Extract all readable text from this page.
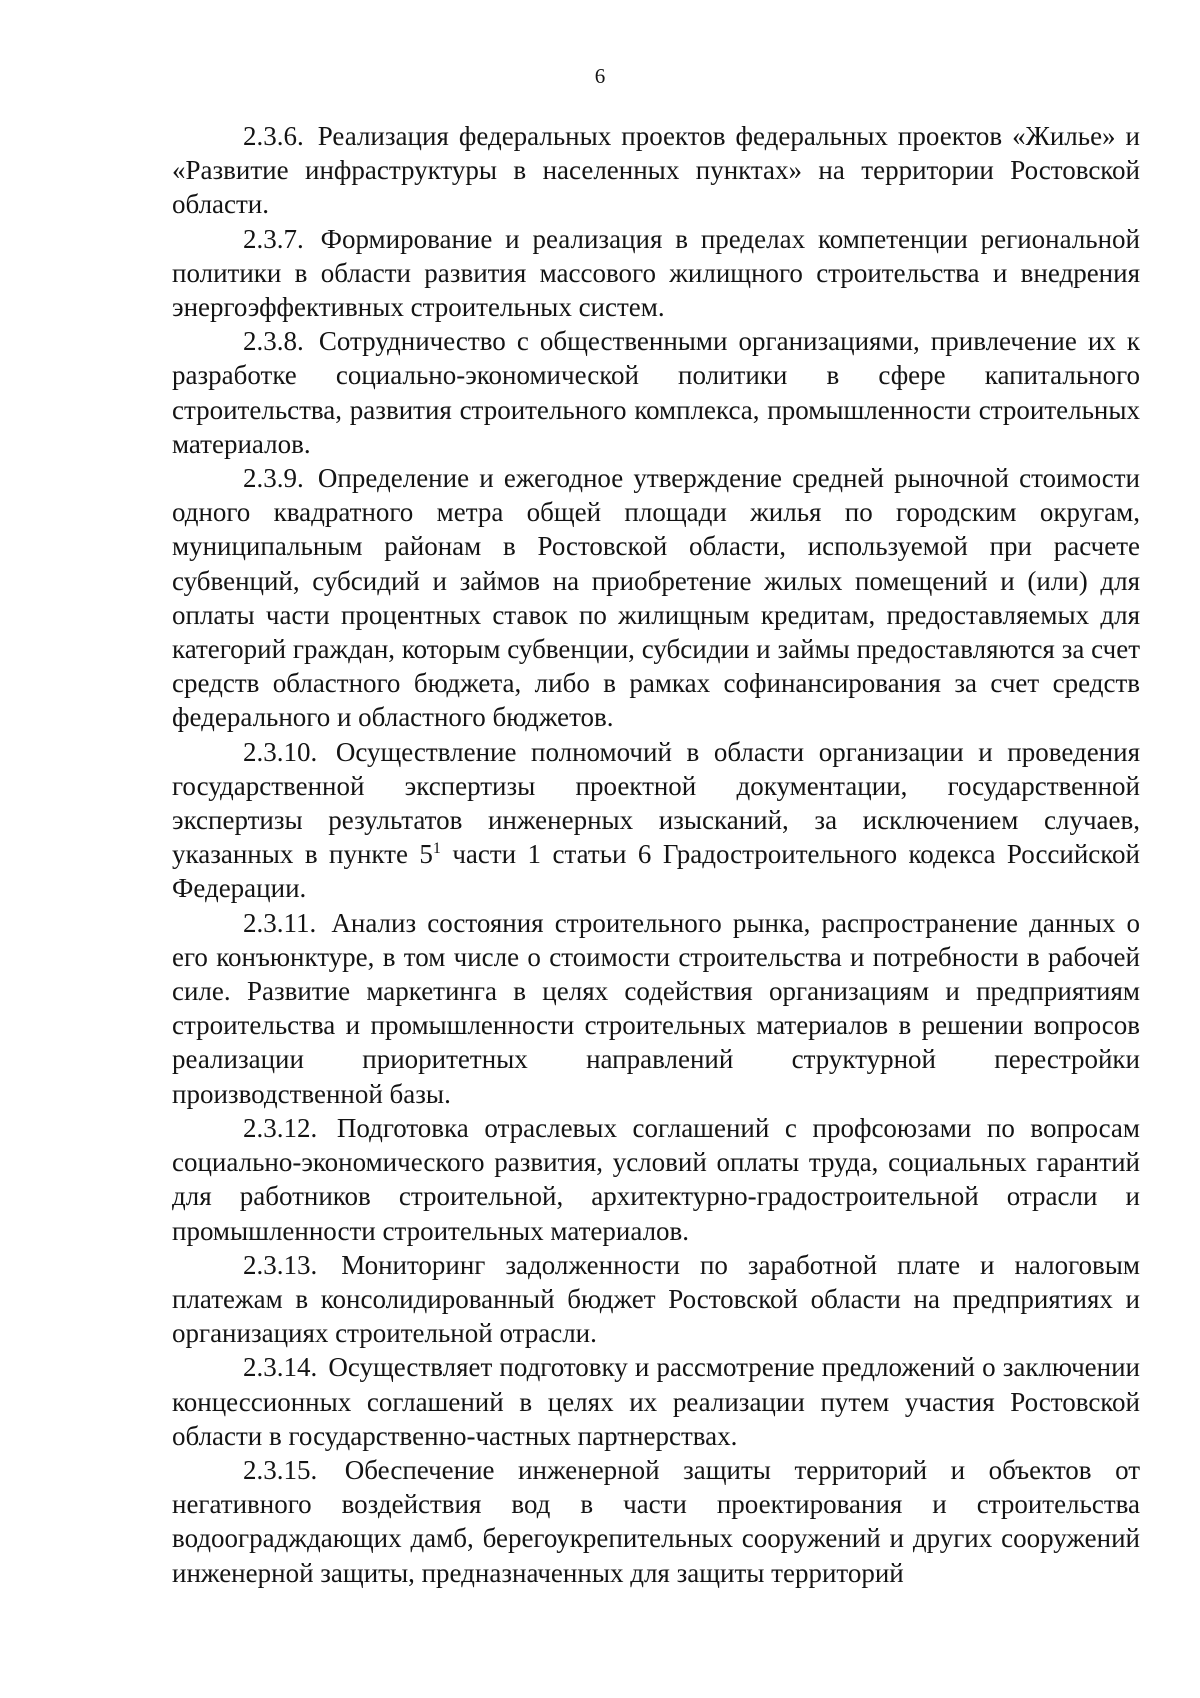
6

2.3.6. Реализация федеральных проектов федеральных проектов «Жилье» и «Развитие инфраструктуры в населенных пунктах» на территории Ростовской области.

2.3.7. Формирование и реализация в пределах компетенции региональной политики в области развития массового жилищного строительства и внедрения энергоэффективных строительных систем.

2.3.8. Сотрудничество с общественными организациями, привлечение их к разработке социально-экономической политики в сфере капитального строительства, развития строительного комплекса, промышленности строительных материалов.

2.3.9. Определение и ежегодное утверждение средней рыночной стоимости одного квадратного метра общей площади жилья по городским округам, муниципальным районам в Ростовской области, используемой при расчете субвенций, субсидий и займов на приобретение жилых помещений и (или) для оплаты части процентных ставок по жилищным кредитам, предоставляемых для категорий граждан, которым субвенции, субсидии и займы предоставляются за счет средств областного бюджета, либо в рамках софинансирования за счет средств федерального и областного бюджетов.

2.3.10. Осуществление полномочий в области организации и проведения государственной экспертизы проектной документации, государственной экспертизы результатов инженерных изысканий, за исключением случаев, указанных в пункте $5^1$ части 1 статьи 6 Градостроительного кодекса Российской Федерации.

2.3.11. Анализ состояния строительного рынка, распространение данных о его конъюнктуре, в том числе о стоимости строительства и потребности в рабочей силе. Развитие маркетинга в целях содействия организациям и предприятиям строительства и промышленности строительных материалов в решении вопросов реализации приоритетных направлений структурной перестройки производственной базы.

2.3.12. Подготовка отраслевых соглашений с профсоюзами по вопросам социально-экономического развития, условий оплаты труда, социальных гарантий для работников строительной, архитектурно-градостроительной отрасли и промышленности строительных материалов.

2.3.13. Мониторинг задолженности по заработной плате и налоговым платежам в консолидированный бюджет Ростовской области на предприятиях и организациях строительной отрасли.

2.3.14. Осуществляет подготовку и рассмотрение предложений о заключении концессионных соглашений в целях их реализации путем участия Ростовской области в государственно-частных партнерствах.

2.3.15. Обеспечение инженерной защиты территорий и объектов от негативного воздействия вод в части проектирования и строительства водооградждающих дамб, берегоукрепительных сооружений и других сооружений инженерной защиты, предназначенных для защиты территорий
